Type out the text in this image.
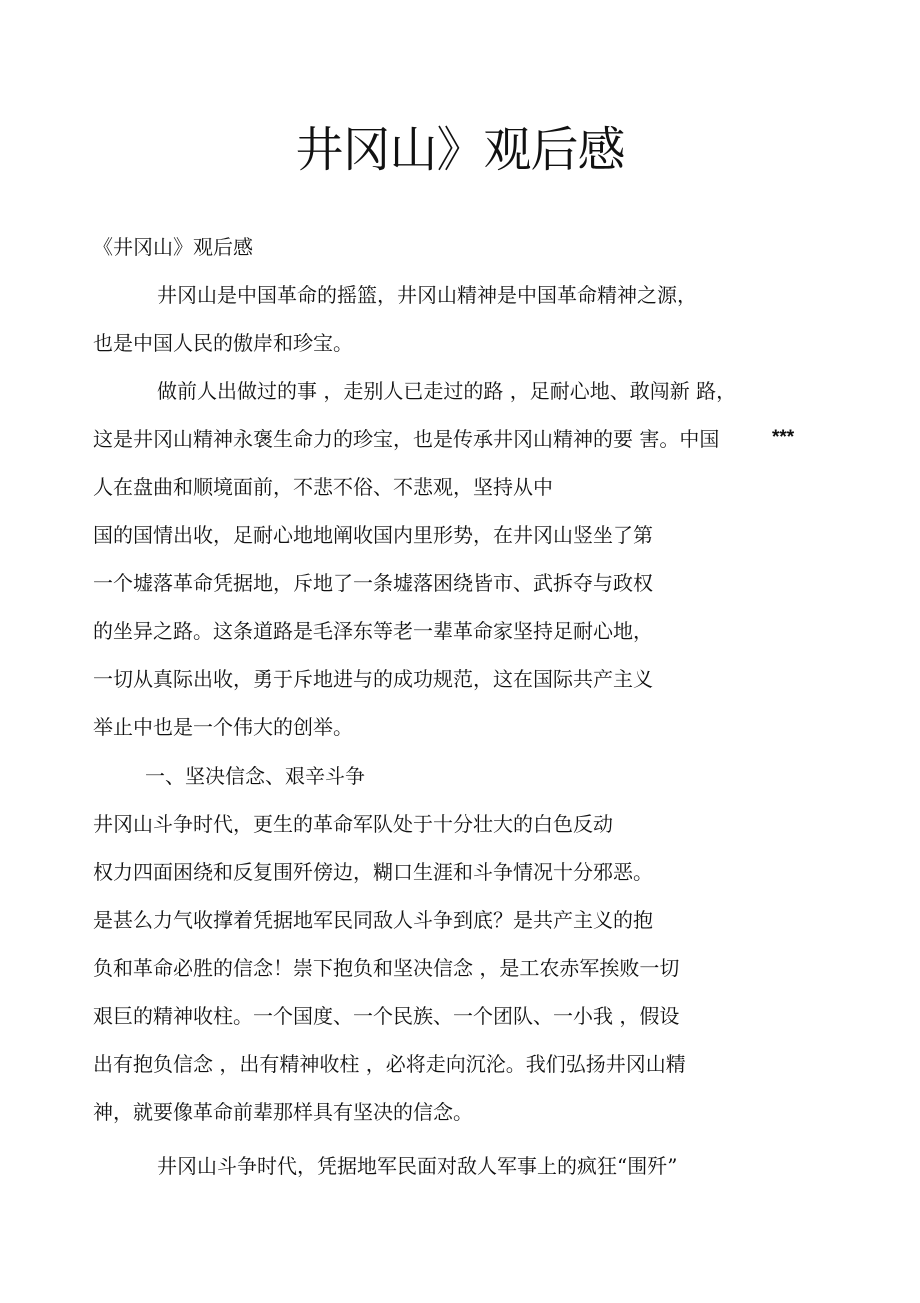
井冈山》观后感
《井冈山》观后感
井冈山是中国革命的摇篮，井冈山精神是中国革命精神之源，
也是中国人民的傲岸和珍宝。
做前人出做过的事 ，走别人已走过的路 ，足耐心地、敢闯新 路，
这是井冈山精神永褒生命力的珍宝，也是传承井冈山精神的要 害。中国	***
人在盘曲和顺境面前，不悲不俗、不悲观，坚持从中
国的国情出收，足耐心地地阐收国内里形势，在井冈山竖坐了第
一个墟落革命凭据地，斥地了一条墟落困绕皆市、武拆夺与政权
的坐异之路。这条道路是毛泽东等老一辈革命家坚持足耐心地，
一切从真际出收，勇于斥地进与的成功规范，这在国际共产主义
举止中也是一个伟大的创举。
一、坚决信念、艰辛斗争
井冈山斗争时代，更生的革命军队处于十分壮大的白色反动
权力四面困绕和反复围歼傍边，糊口生涯和斗争情况十分邪恶。
是甚么力气收撑着凭据地军民同敌人斗争到底？是共产主义的抱
负和革命必胜的信念！崇下抱负和坚决信念 ，是工农赤军挨败一切
艰巨的精神收柱。一个国度、一个民族、一个团队、一小我 ，假设
出有抱负信念 ，出有精神收柱 ，必将走向沉沦。我们弘扬井冈山精
神，就要像革命前辈那样具有坚决的信念。
井冈山斗争时代，凭据地军民面对敌人军事上的疯狂“围歼”
